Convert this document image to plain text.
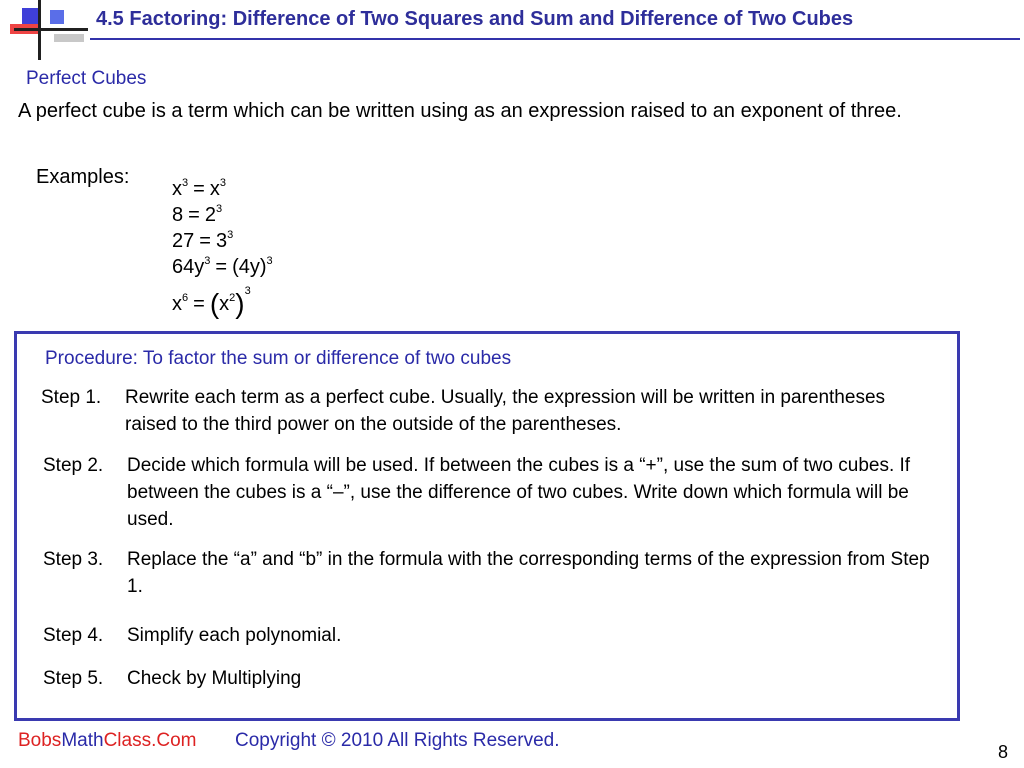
4.5 Factoring: Difference of Two Squares and Sum and Difference of Two Cubes
Perfect Cubes
A perfect cube is a term which can be written using as an expression raised to an exponent of three.
Examples:
$x^3 = x^3$
$8 = 2^3$
$27 = 3^3$
$64y^3 = (4y)^3$
$x^6 = (x^2)^3$
Procedure: To factor the sum or difference of two cubes
Step 1. Rewrite each term as a perfect cube. Usually, the expression will be written in parentheses raised to the third power on the outside of the parentheses.
Step 2. Decide which formula will be used. If between the cubes is a “+”, use the sum of two cubes. If between the cubes is a “–”, use the difference of two cubes. Write down which formula will be used.
Step 3. Replace the “a” and “b” in the formula with the corresponding terms of the expression from Step 1.
Step 4. Simplify each polynomial.
Step 5. Check by Multiplying
BobsMathClass.Com Copyright © 2010 All Rights Reserved.
8
